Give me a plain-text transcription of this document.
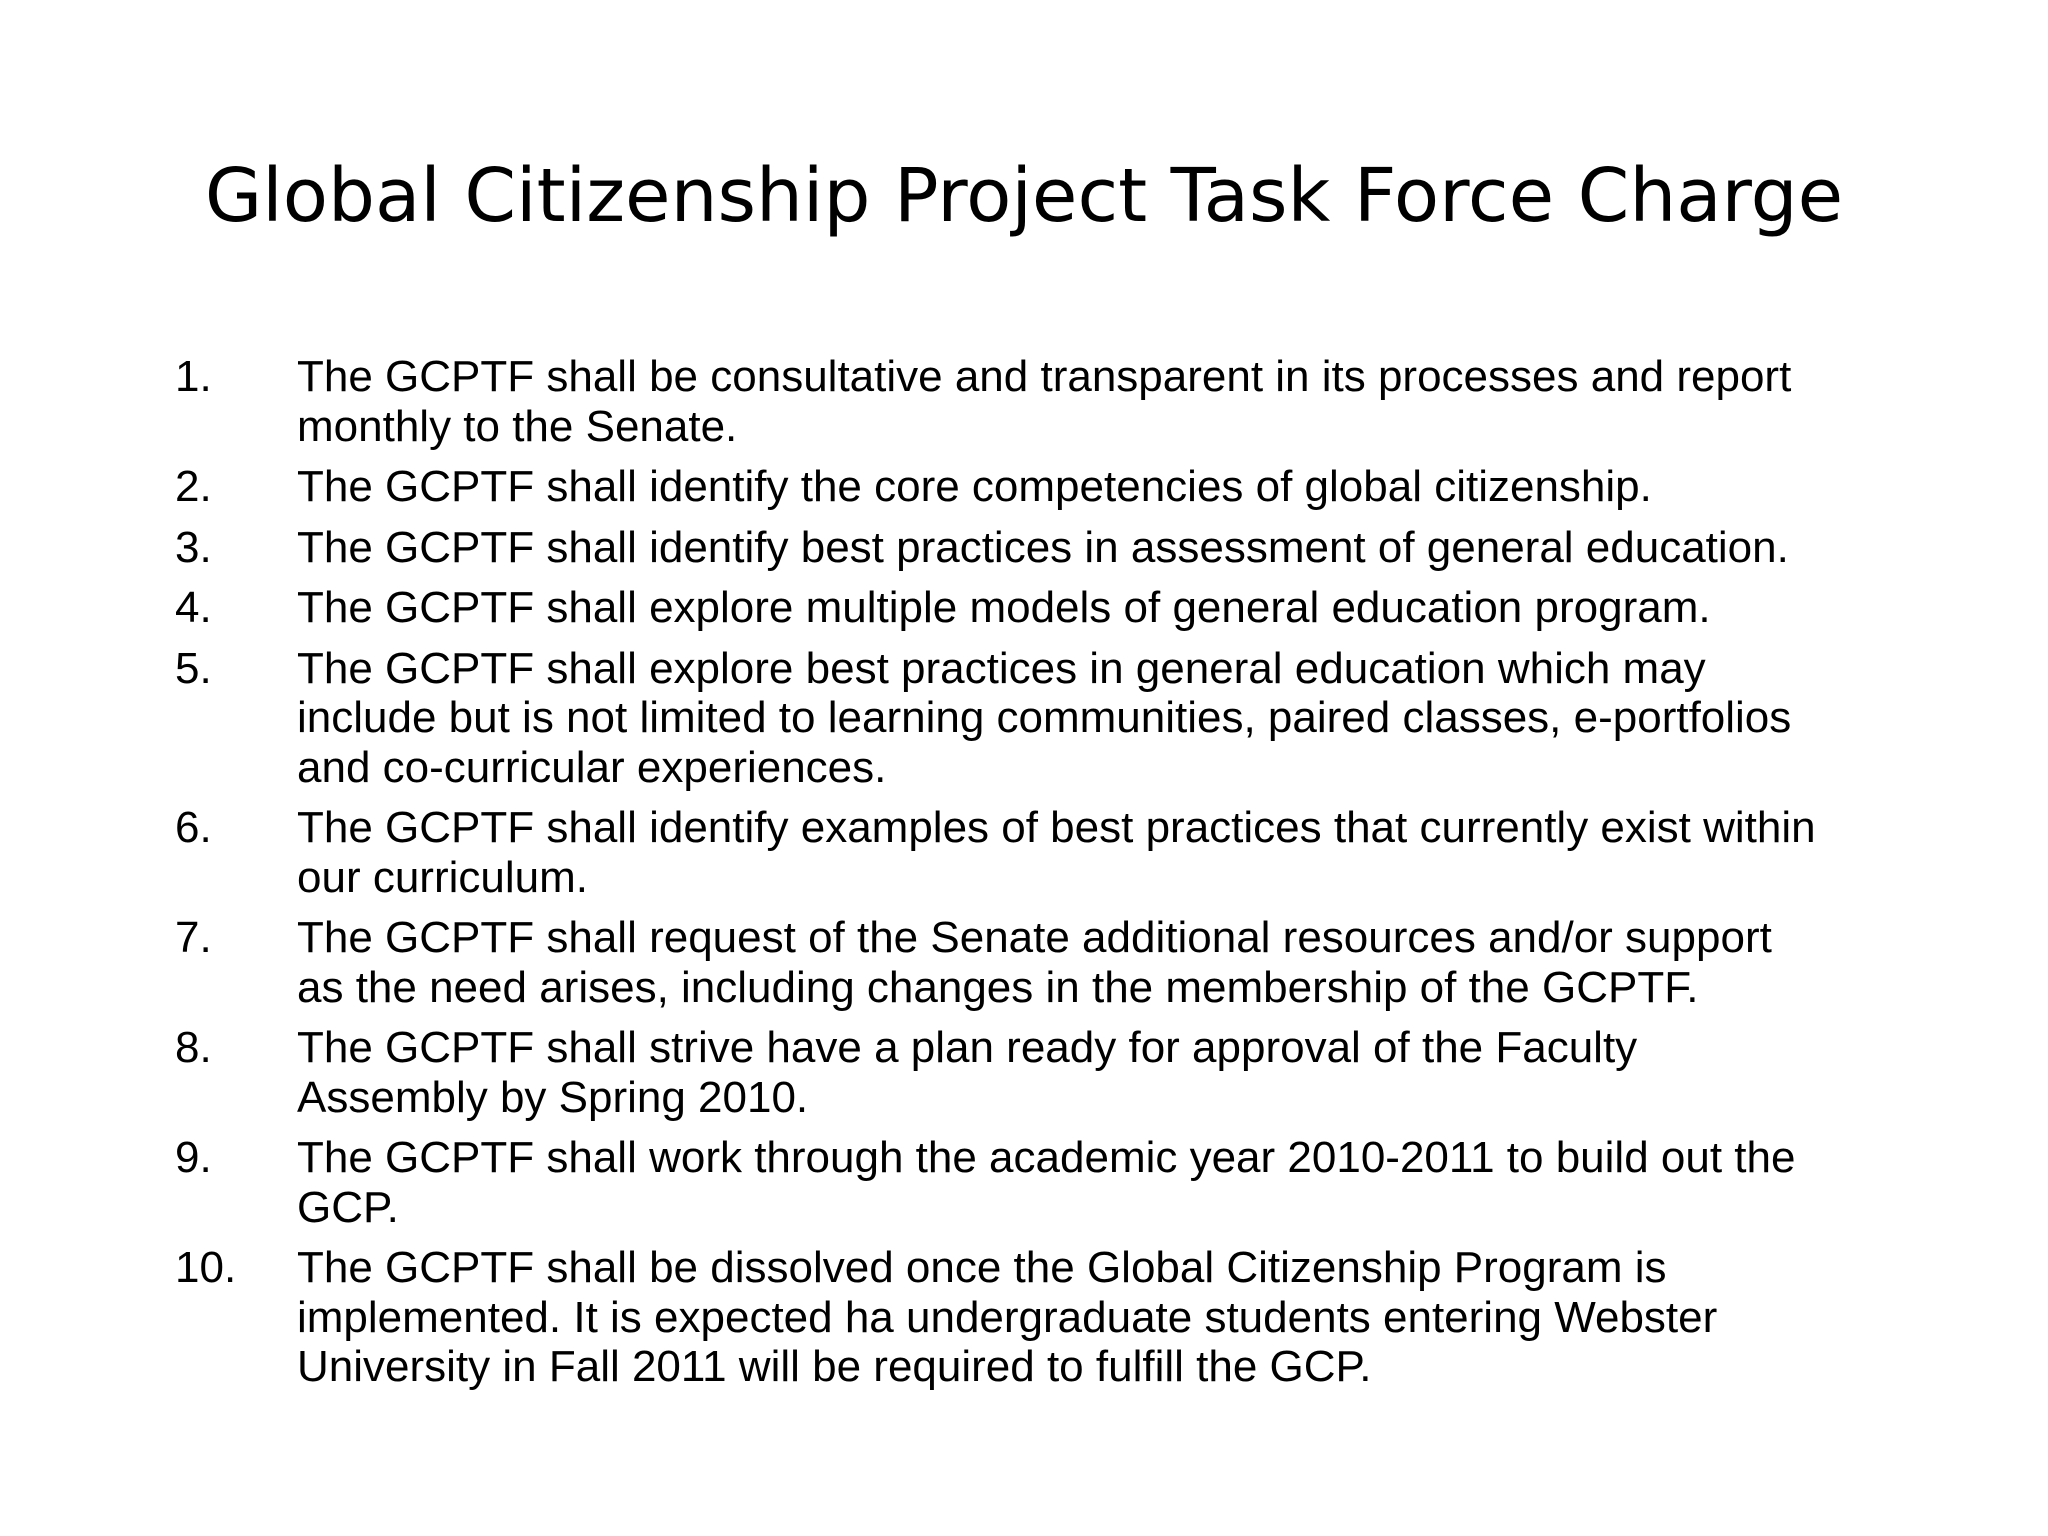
Global Citizenship Project Task Force Charge
1. The GCPTF shall be consultative and transparent in its processes and report
monthly to the Senate.
2. The GCPTF shall identify the core competencies of global citizenship.
3. The GCPTF shall identify best practices in assessment of general education.
4. The GCPTF shall explore multiple models of general education program.
5. The GCPTF shall explore best practices in general education which may
include but is not limited to learning communities, paired classes, e-portfolios
and co-curricular experiences.
6. The GCPTF shall identify examples of best practices that currently exist within
our curriculum.
7. The GCPTF shall request of the Senate additional resources and/or support
as the need arises, including changes in the membership of the GCPTF.
8. The GCPTF shall strive have a plan ready for approval of the Faculty
Assembly by Spring 2010.
9. The GCPTF shall work through the academic year 2010-2011 to build out the
GCP.
10. The GCPTF shall be dissolved once the Global Citizenship Program is
implemented. It is expected ha undergraduate students entering Webster
University in Fall 2011 will be required to fulfill the GCP.
